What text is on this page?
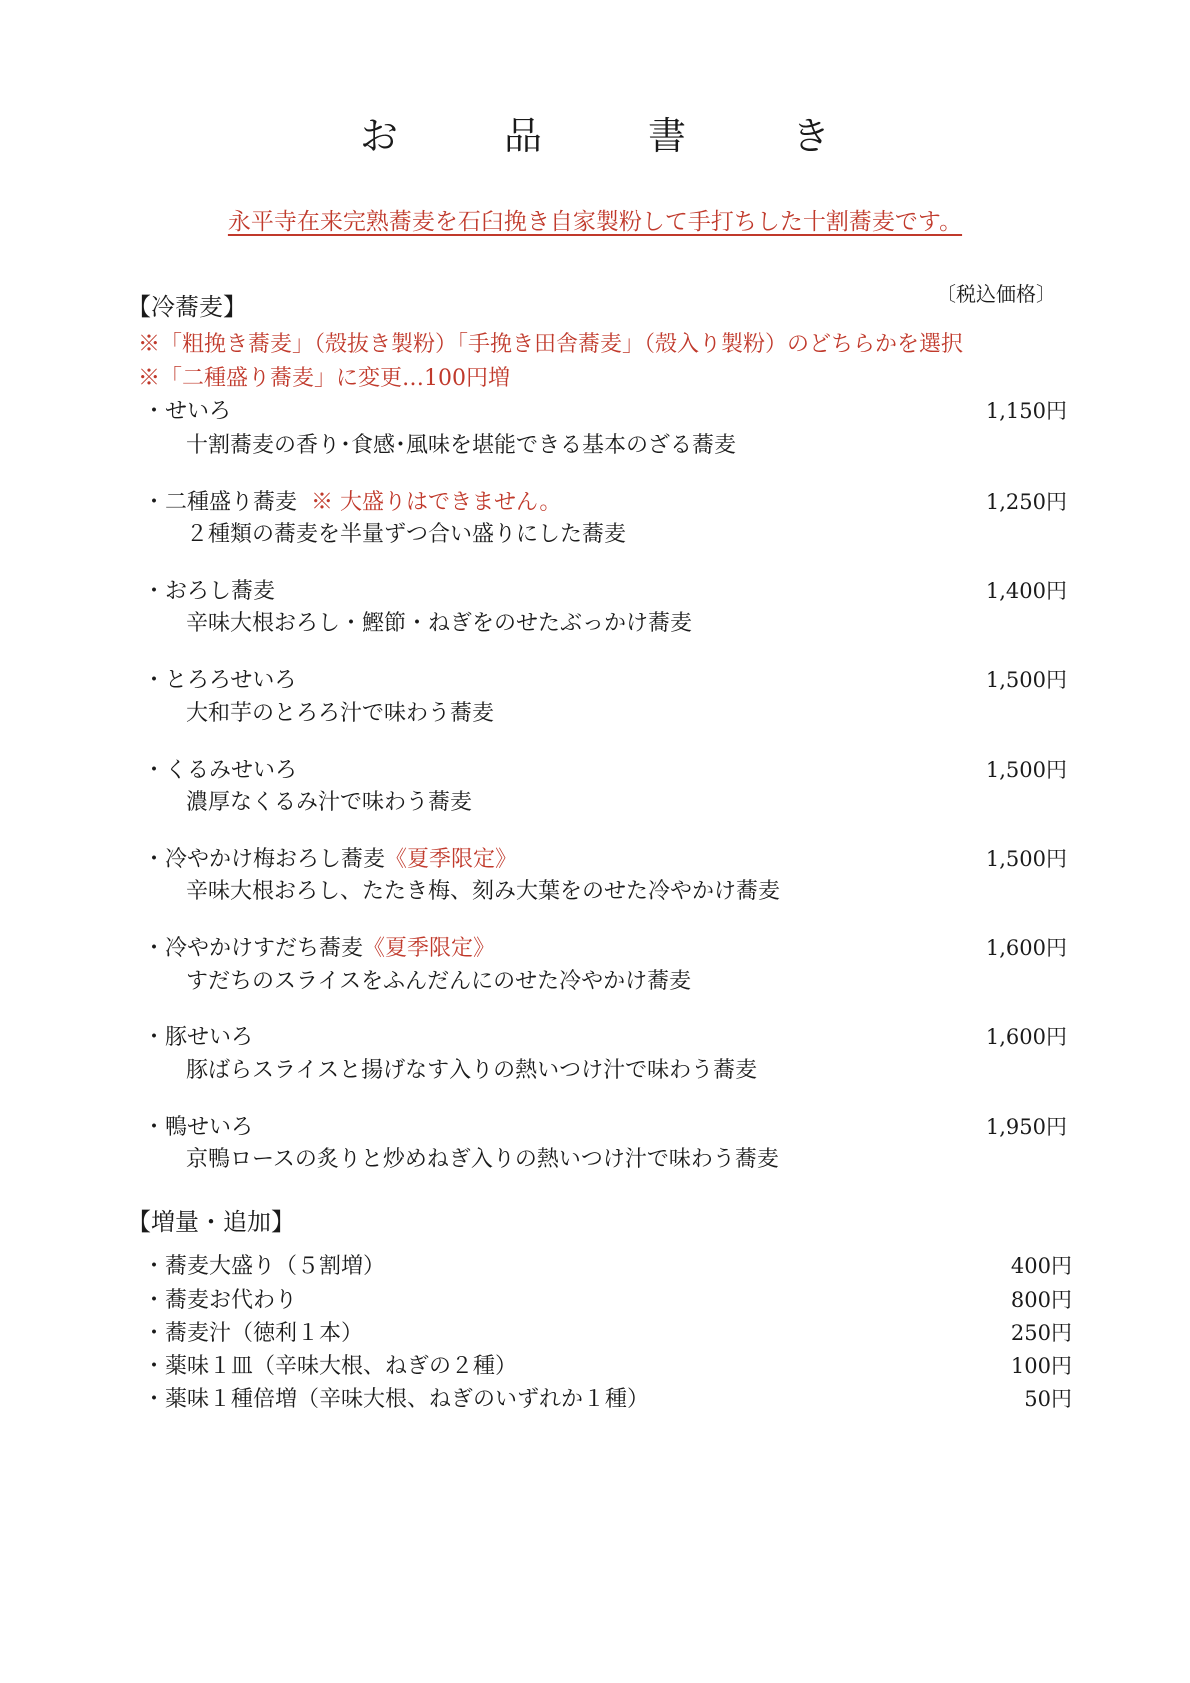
お　品　書　き
永平寺在来完熟蕎麦を石臼挽き自家製粉して手打ちした十割蕎麦です。
〔税込価格〕
【冷蕎麦】
※「粗挽き蕎麦」（殻抜き製粉）「手挽き田舎蕎麦」（殻入り製粉）のどちらかを選択
※「二種盛り蕎麦」に変更…100円増
・せいろ	1,150円
十割蕎麦の香り･食感･風味を堪能できる基本のざる蕎麦
・二種盛り蕎麦 ※ 大盛りはできません。	1,250円
２種類の蕎麦を半量ずつ合い盛りにした蕎麦
・おろし蕎麦	1,400円
辛味大根おろし・鰹節・ねぎをのせたぶっかけ蕎麦
・とろろせいろ	1,500円
大和芋のとろろ汁で味わう蕎麦
・くるみせいろ	1,500円
濃厚なくるみ汁で味わう蕎麦
・冷やかけ梅おろし蕎麦《夏季限定》	1,500円
辛味大根おろし、たたき梅、刻み大葉をのせた冷やかけ蕎麦
・冷やかけすだち蕎麦《夏季限定》	1,600円
すだちのスライスをふんだんにのせた冷やかけ蕎麦
・豚せいろ	1,600円
豚ばらスライスと揚げなす入りの熱いつけ汁で味わう蕎麦
・鴨せいろ	1,950円
京鴨ロースの炙りと炒めねぎ入りの熱いつけ汁で味わう蕎麦
【増量・追加】
・蕎麦大盛り（５割増）	400円
・蕎麦お代わり	800円
・蕎麦汁（徳利１本）	250円
・薬味１皿（辛味大根、ねぎの２種）	100円
・薬味１種倍増（辛味大根、ねぎのいずれか１種）	50円
